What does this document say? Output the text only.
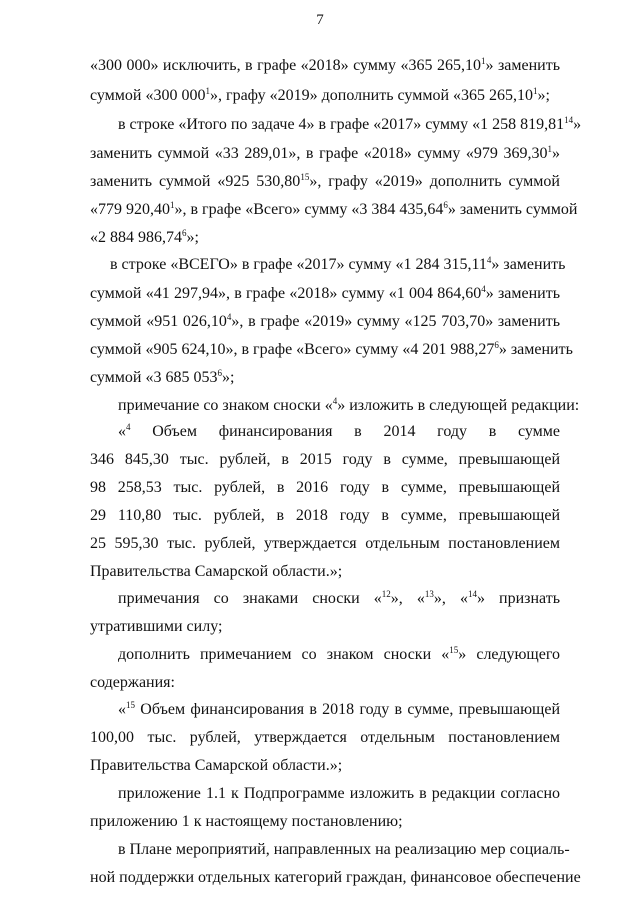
7
«300 000» исключить, в графе «2018» сумму «365 265,10$^1$» заменить
суммой «300 $000^1$», графу «2019» дополнить суммой «365 265,10$^1$»;
в строке «Итого по задаче 4» в графе «2017» сумму «1 258 819,81$^{14}$»
заменить суммой «33 289,01», в графе «2018» сумму «979 369,30$^1$»
заменить суммой «925 530,80$^{15}$», графу «2019» дополнить суммой
«779 920,40$^1$», в графе «Всего» сумму «3 384 435,64$^6$» заменить суммой
«2 884 986,74$^6$»;
в строке «ВСЕГО» в графе «2017» сумму «1 284 315,11$^4$» заменить
суммой «41 297,94», в графе «2018» сумму «1 004 864,60$^4$» заменить
суммой «951 026,10$^4$», в графе «2019» сумму «125 703,70» заменить
суммой «905 624,10», в графе «Всего» сумму «4 201 988,27$^6$» заменить
суммой «3 685 $053^6$»;
примечание со знаком сноски «$^4$» изложить в следующей редакции:
«$^4$ Объем финансирования в 2014 году в сумме
346 845,30 тыс. рублей, в 2015 году в сумме, превышающей
98 258,53 тыс. рублей, в 2016 году в сумме, превышающей
29 110,80 тыс. рублей, в 2018 году в сумме, превышающей
25 595,30 тыс. рублей, утверждается отдельным постановлением
Правительства Самарской области.»;
примечания со знаками сноски «$^{12}$», «$^{13}$», «$^{14}$» признать
утратившими силу;
дополнить примечанием со знаком сноски «$^{15}$» следующего
содержания:
«$^{15}$ Объем финансирования в 2018 году в сумме, превышающей
100,00 тыс. рублей, утверждается отдельным постановлением
Правительства Самарской области.»;
приложение 1.1 к Подпрограмме изложить в редакции согласно
приложению 1 к настоящему постановлению;
в Плане мероприятий, направленных на реализацию мер социаль-
ной поддержки отдельных категорий граждан, финансовое обеспечение
